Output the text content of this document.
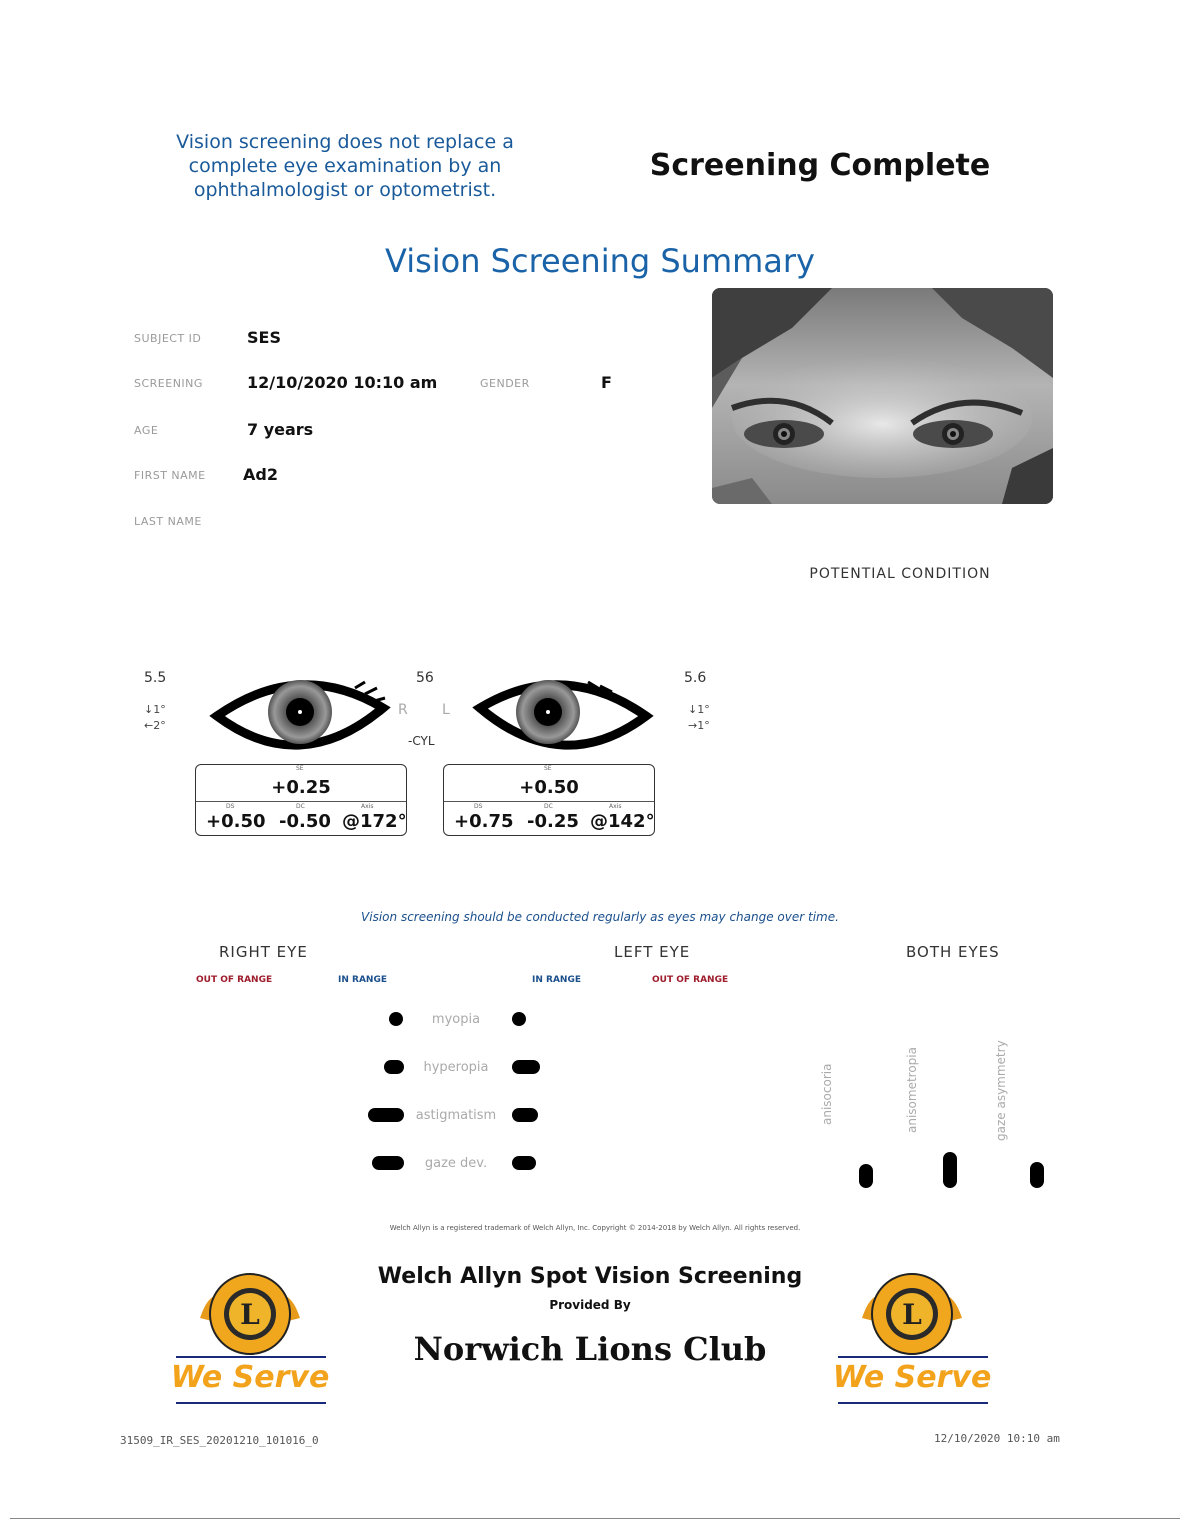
Vision screening does not replace a complete eye examination by an ophthalmologist or optometrist.
Screening Complete
Vision Screening Summary
SUBJECT ID	SES
SCREENING	12/10/2020 10:10 am	GENDER	F
AGE	7 years
FIRST NAME Ad2
LAST NAME
POTENTIAL CONDITION
5.5
↓1°
←2°
56
R L
-CYL
5.6
↓1°
→1°
SE
+0.25
DS	DC	Axis
+0.50 -0.50 @172°
SE
+0.50
DS	DC	Axis
+0.75 -0.25 @142°
Vision screening should be conducted regularly as eyes may change over time.
RIGHT EYE	LEFT EYE	BOTH EYES
OUT OF RANGE	IN RANGE	IN RANGE	OUT OF RANGE
myopia
hyperopia
astigmatism
gaze dev.
anisocoria	anisometropia	gaze asymmetry
Welch Allyn is a registered trademark of Welch Allyn, Inc. Copyright © 2014-2018 by Welch Allyn. All rights reserved.
Welch Allyn Spot Vision Screening
Provided By
Norwich Lions Club
L
We Serve
L
We Serve
31509_IR_SES_20201210_101016_0	12/10/2020 10:10 am
